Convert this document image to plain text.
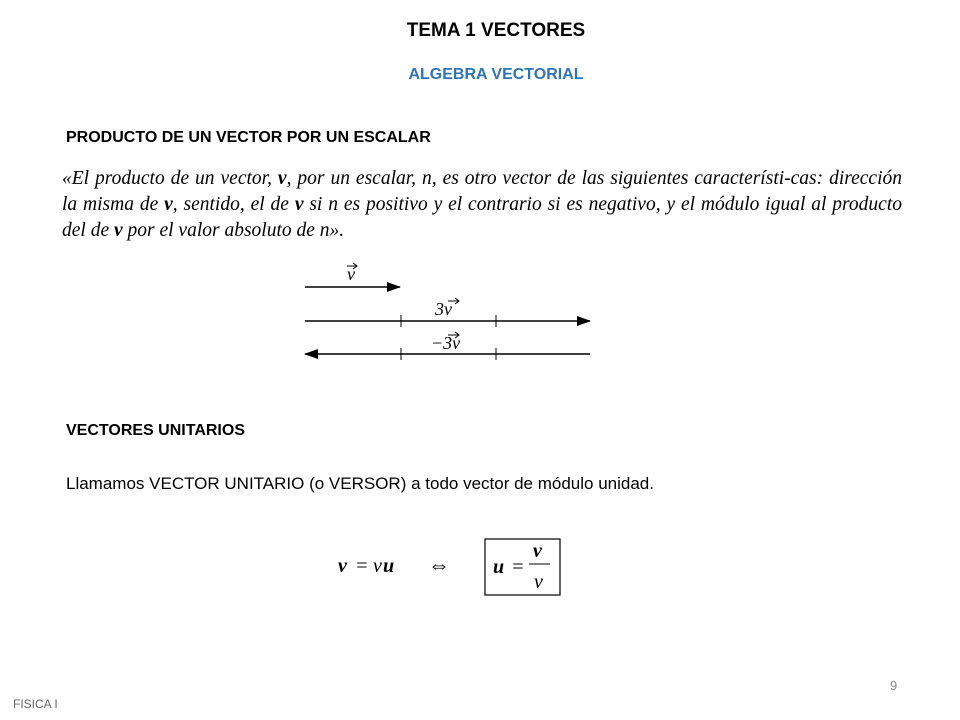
TEMA 1 VECTORES
ALGEBRA VECTORIAL
PRODUCTO DE UN VECTOR POR UN ESCALAR
«El producto de un vector, v, por un escalar, n, es otro vector de las siguientes característi-cas: dirección la misma de v, sentido, el de v si n es positivo y el contrario si es negativo, y el módulo igual al producto del de v por el valor absoluto de n».
v
3v
−3v
VECTORES UNITARIOS
Llamamos VECTOR UNITARIO (o VERSOR) a todo vector de módulo unidad.
v = v u ⇔ u =
v
v
FISICA I
9
